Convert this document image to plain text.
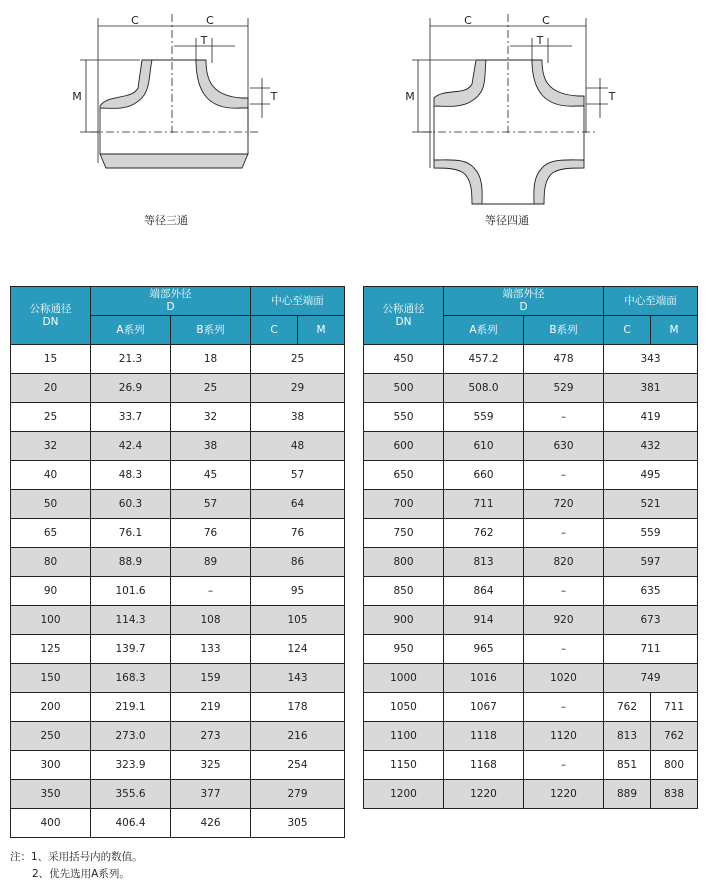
C	C
T
T
M
等径三通
C	C
T
T
M
等径四通
公称通径
DN	端部外径
D		中心至端面	
	A系列	B系列	C	M
15	21.3	18	25	
20	26.9	25	29	
25	33.7	32	38	
32	42.4	38	48	
40	48.3	45	57	
50	60.3	57	64	
65	76.1	76	76	
80	88.9	89	86	
90	101.6	–	95	
100	114.3	108	105	
125	139.7	133	124	
150	168.3	159	143	
200	219.1	219	178	
250	273.0	273	216	
300	323.9	325	254	
350	355.6	377	279	
400	406.4	426	305	
公称通径
DN	端部外径
D		中心至端面	
	A系列	B系列	C	M
450	457.2	478	343	
500	508.0	529	381	
550	559	–	419	
600	610	630	432	
650	660	–	495	
700	711	720	521	
750	762	–	559	
800	813	820	597	
850	864	–	635	
900	914	920	673	
950	965	–	711	
1000	1016	1020	749	
1050	1067	–	762	711
1100	1118	1120	813	762
1150	1168	–	851	800
1200	1220	1220	889	838
注：1、采用括号内的数值。
2、优先选用A系列。
